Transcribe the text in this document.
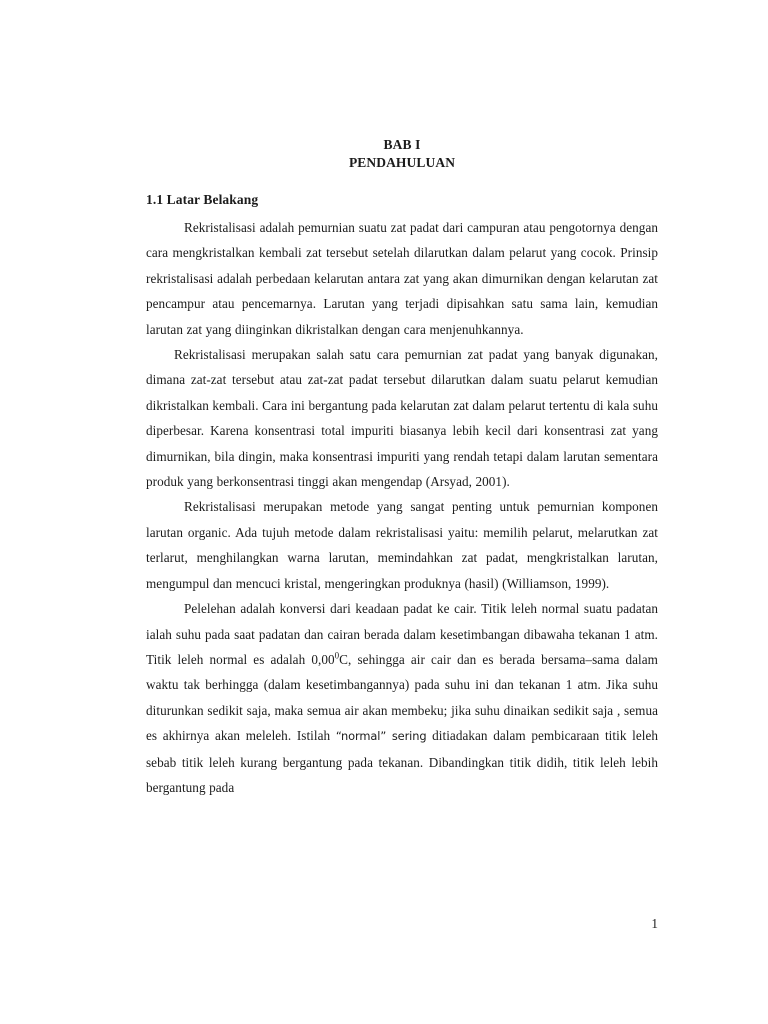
BAB I
PENDAHULUAN
1.1 Latar Belakang

Rekristalisasi adalah pemurnian suatu zat padat dari campuran atau pengotornya dengan cara mengkristalkan kembali zat tersebut setelah dilarutkan dalam pelarut yang cocok. Prinsip rekristalisasi adalah perbedaan kelarutan antara zat yang akan dimurnikan dengan kelarutan zat pencampur atau pencemarnya. Larutan yang terjadi dipisahkan satu sama lain, kemudian larutan zat yang diinginkan dikristalkan dengan cara menjenuhkannya.

Rekristalisasi merupakan salah satu cara pemurnian zat padat yang banyak digunakan, dimana zat-zat tersebut atau zat-zat padat tersebut dilarutkan dalam suatu pelarut kemudian dikristalkan kembali. Cara ini bergantung pada kelarutan zat dalam pelarut tertentu di kala suhu diperbesar. Karena konsentrasi total impuriti biasanya lebih kecil dari konsentrasi zat yang dimurnikan, bila dingin, maka konsentrasi impuriti yang rendah tetapi dalam larutan sementara produk yang berkonsentrasi tinggi akan mengendap (Arsyad, 2001).

Rekristalisasi merupakan metode yang sangat penting untuk pemurnian komponen larutan organic. Ada tujuh metode dalam rekristalisasi yaitu: memilih pelarut, melarutkan zat terlarut, menghilangkan warna larutan, memindahkan zat padat, mengkristalkan larutan, mengumpul dan mencuci kristal, mengeringkan produknya (hasil) (Williamson, 1999).

Pelelehan adalah konversi dari keadaan padat ke cair. Titik leleh normal suatu padatan ialah suhu pada saat padatan dan cairan berada dalam kesetimbangan dibawaha tekanan 1 atm. Titik leleh normal es adalah 0,00$^0$C, sehingga air cair dan es berada bersama–sama dalam waktu tak berhingga (dalam kesetimbangannya) pada suhu ini dan tekanan 1 atm. Jika suhu diturunkan sedikit saja, maka semua air akan membeku; jika suhu dinaikan sedikit saja , semua es akhirnya akan meleleh. Istilah “normal” sering ditiadakan dalam pembicaraan titik leleh sebab titik leleh kurang bergantung pada tekanan. Dibandingkan titik didih, titik leleh lebih bergantung pada

1
